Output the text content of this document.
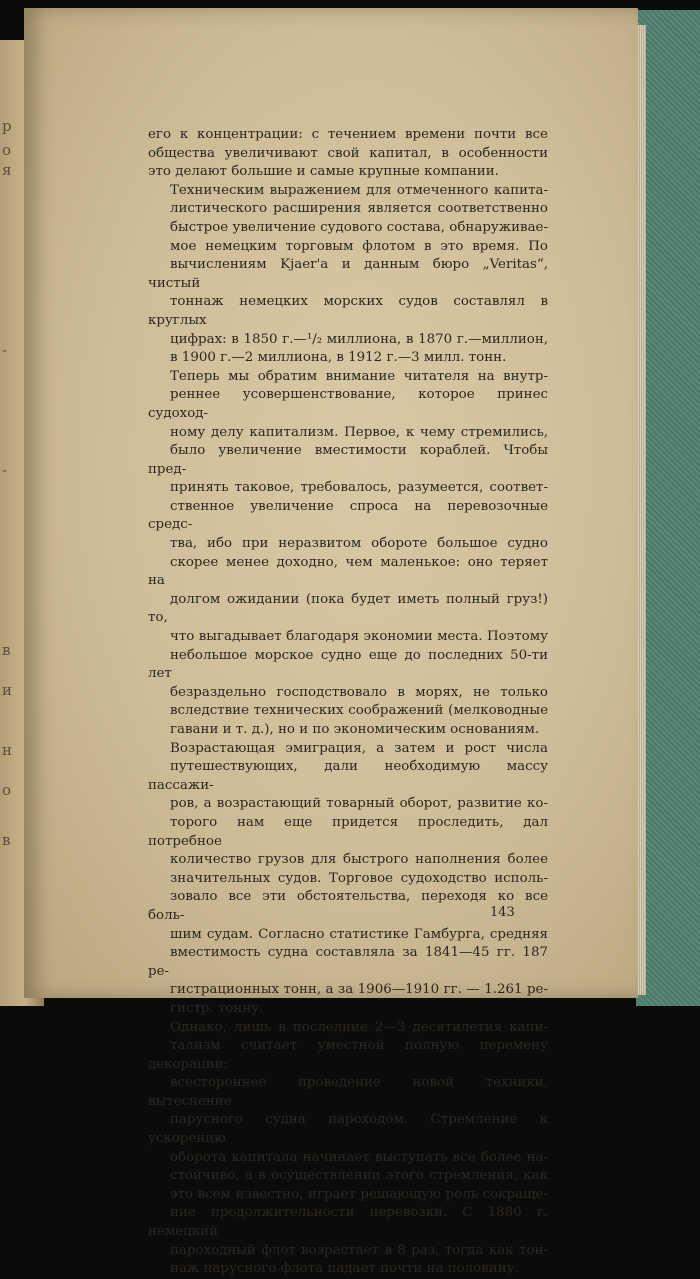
р
о
я
-
-
в
и
н
о
в

его к концентрации: с течением времени почти все
общества увеличивают свой капитал, в особенности
это делают большие и самые крупные компании.

Техническим выражением для отмеченного капита-
листического расширения является соответственно
быстрое увеличение судового состава, обнаруживае-
мое немецким торговым флотом в это время. По
вычислениям Kjaer'a и данным бюро „Veritas“, чистый
тоннаж немецких морских судов составлял в круглых
цифрах: в 1850 г.—¹/₂ миллиона, в 1870 г.—миллион,
в 1900 г.—2 миллиона, в 1912 г.—3 милл. тонн.

Теперь мы обратим внимание читателя на внутр-
реннее усовершенствование, которое принес судоход-
ному делу капитализм. Первое, к чему стремились,
было увеличение вместимости кораблей. Чтобы пред-
принять таковое, требовалось, разумеется, соответ-
ственное увеличение спроса на перевозочные средс-
тва, ибо при неразвитом обороте большое судно
скорее менее доходно, чем маленькое: оно теряет на
долгом ожидании (пока будет иметь полный груз!) то,
что выгадывает благодаря экономии места. Поэтому
небольшое морское судно еще до последних 50-ти лет
безраздельно господствовало в морях, не только
вследствие технических соображений (мелководные
гавани и т. д.), но и по экономическим основаниям.

Возрастающая эмиграция, а затем и рост числа
путешествующих, дали необходимую массу пассажи-
ров, а возрастающий товарный оборот, развитие ко-
торого нам еще придется проследить, дал потребное
количество грузов для быстрого наполнения более
значительных судов. Торговое судоходство исполь-
зовало все эти обстоятельства, переходя ко все боль-
шим судам. Согласно статистике Гамбурга, средняя
вместимость судна составляла за 1841—45 гг. 187 ре-
гистрационных тонн, а за 1906—1910 гг. — 1.261 ре-
гистр. тонну.

Однако, лишь в последние 2—3 десятилетия капи-
тализм считает уместной полную перемену декорации:
всестороннее проведение новой техники, вытеснение
парусного судна пароходом. Стремление к ускорению
оборота капитала начинает выступать все более на-
стойчиво, а в осуществлении этого стремления, как
это всем известно, играет решающую роль сокраще-
ние продолжительности перевозки. С 1880 г. немецкий
пароходный флот возрастает в 8 раз, тогда как тон-
наж парусного флота падает почти на половину.

143
